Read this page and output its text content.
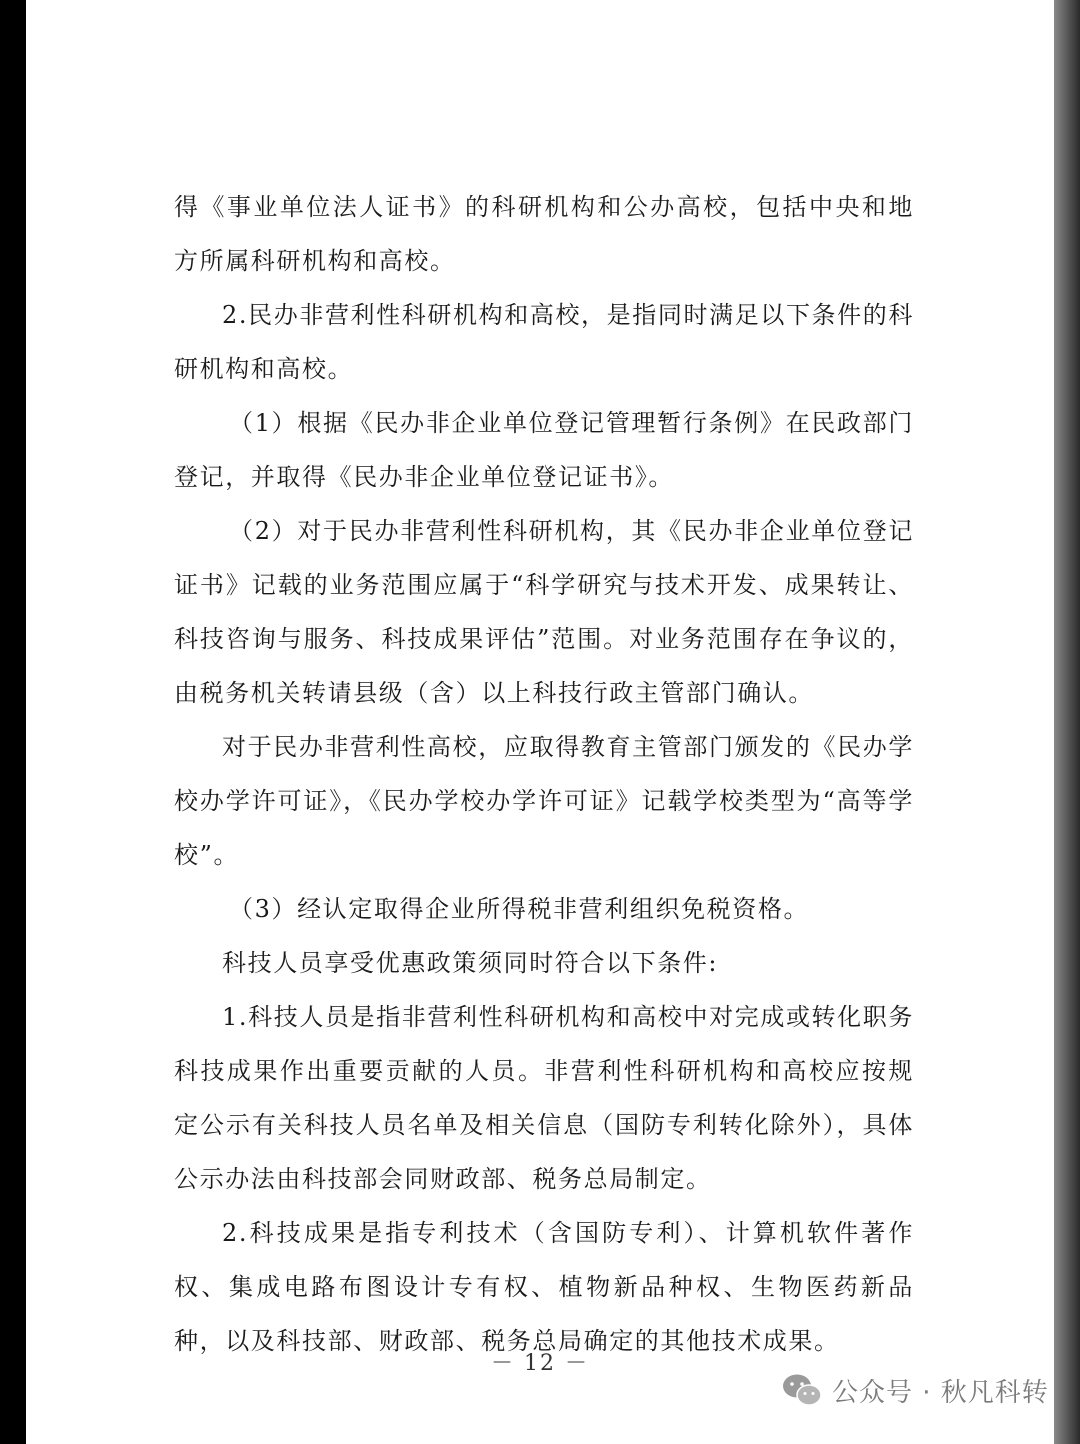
得《事业单位法人证书》的科研机构和公办高校，包括中央和地方所属科研机构和高校。

2.民办非营利性科研机构和高校，是指同时满足以下条件的科研机构和高校。

（1）根据《民办非企业单位登记管理暂行条例》在民政部门登记，并取得《民办非企业单位登记证书》。

（2）对于民办非营利性科研机构，其《民办非企业单位登记证书》记载的业务范围应属于“科学研究与技术开发、成果转让、科技咨询与服务、科技成果评估”范围。对业务范围存在争议的，由税务机关转请县级（含）以上科技行政主管部门确认。

对于民办非营利性高校，应取得教育主管部门颁发的《民办学校办学许可证》，《民办学校办学许可证》记载学校类型为“高等学校”。

（3）经认定取得企业所得税非营利组织免税资格。

科技人员享受优惠政策须同时符合以下条件:

1.科技人员是指非营利性科研机构和高校中对完成或转化职务科技成果作出重要贡献的人员。非营利性科研机构和高校应按规定公示有关科技人员名单及相关信息（国防专利转化除外），具体公示办法由科技部会同财政部、税务总局制定。

2.科技成果是指专利技术（含国防专利）、计算机软件著作权、集成电路布图设计专有权、植物新品种权、生物医药新品种，以及科技部、财政部、税务总局确定的其他技术成果。

－ 12 －
公众号 · 秋凡科转
